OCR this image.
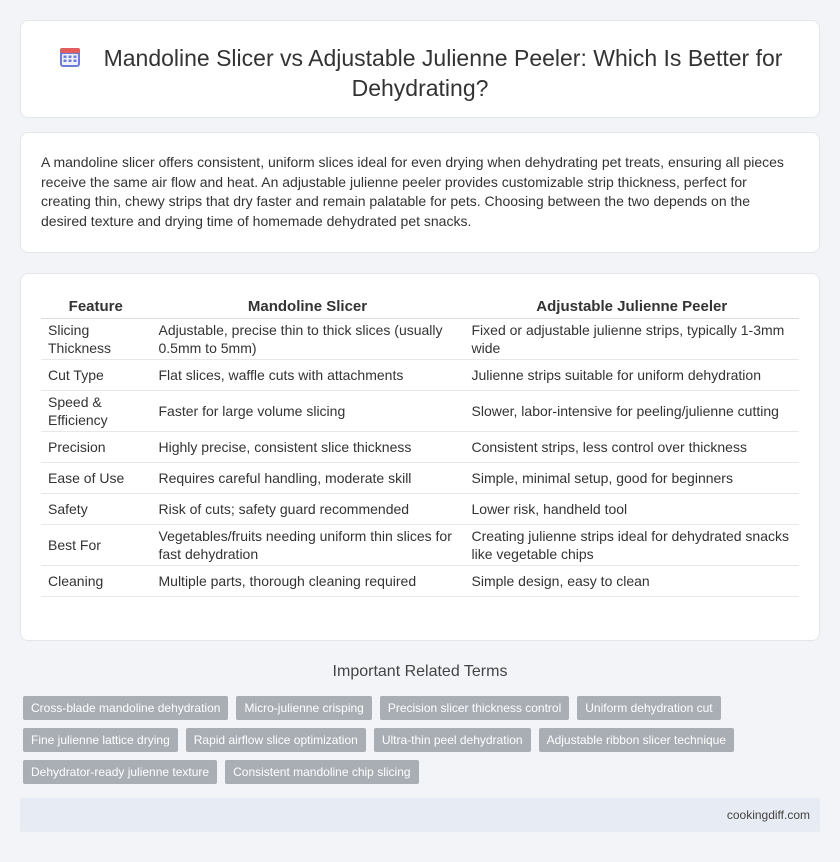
Mandoline Slicer vs Adjustable Julienne Peeler: Which Is Better for Dehydrating?

A mandoline slicer offers consistent, uniform slices ideal for even drying when dehydrating pet treats, ensuring all pieces receive the same air flow and heat. An adjustable julienne peeler provides customizable strip thickness, perfect for creating thin, chewy strips that dry faster and remain palatable for pets. Choosing between the two depends on the desired texture and drying time of homemade dehydrated pet snacks.

Feature	Mandoline Slicer	Adjustable Julienne Peeler
Slicing Thickness	Adjustable, precise thin to thick slices (usually 0.5mm to 5mm)	Fixed or adjustable julienne strips, typically 1-3mm wide
Cut Type	Flat slices, waffle cuts with attachments	Julienne strips suitable for uniform dehydration
Speed & Efficiency	Faster for large volume slicing	Slower, labor-intensive for peeling/julienne cutting
Precision	Highly precise, consistent slice thickness	Consistent strips, less control over thickness
Ease of Use	Requires careful handling, moderate skill	Simple, minimal setup, good for beginners
Safety	Risk of cuts; safety guard recommended	Lower risk, handheld tool
Best For	Vegetables/fruits needing uniform thin slices for fast dehydration	Creating julienne strips ideal for dehydrated snacks like vegetable chips
Cleaning	Multiple parts, thorough cleaning required	Simple design, easy to clean
Important Related Terms
Cross-blade mandoline dehydration	Micro-julienne crisping	Precision slicer thickness control	Uniform dehydration cut
Fine julienne lattice drying	Rapid airflow slice optimization	Ultra-thin peel dehydration	Adjustable ribbon slicer technique
Dehydrator-ready julienne texture	Consistent mandoline chip slicing
cookingdiff.com
